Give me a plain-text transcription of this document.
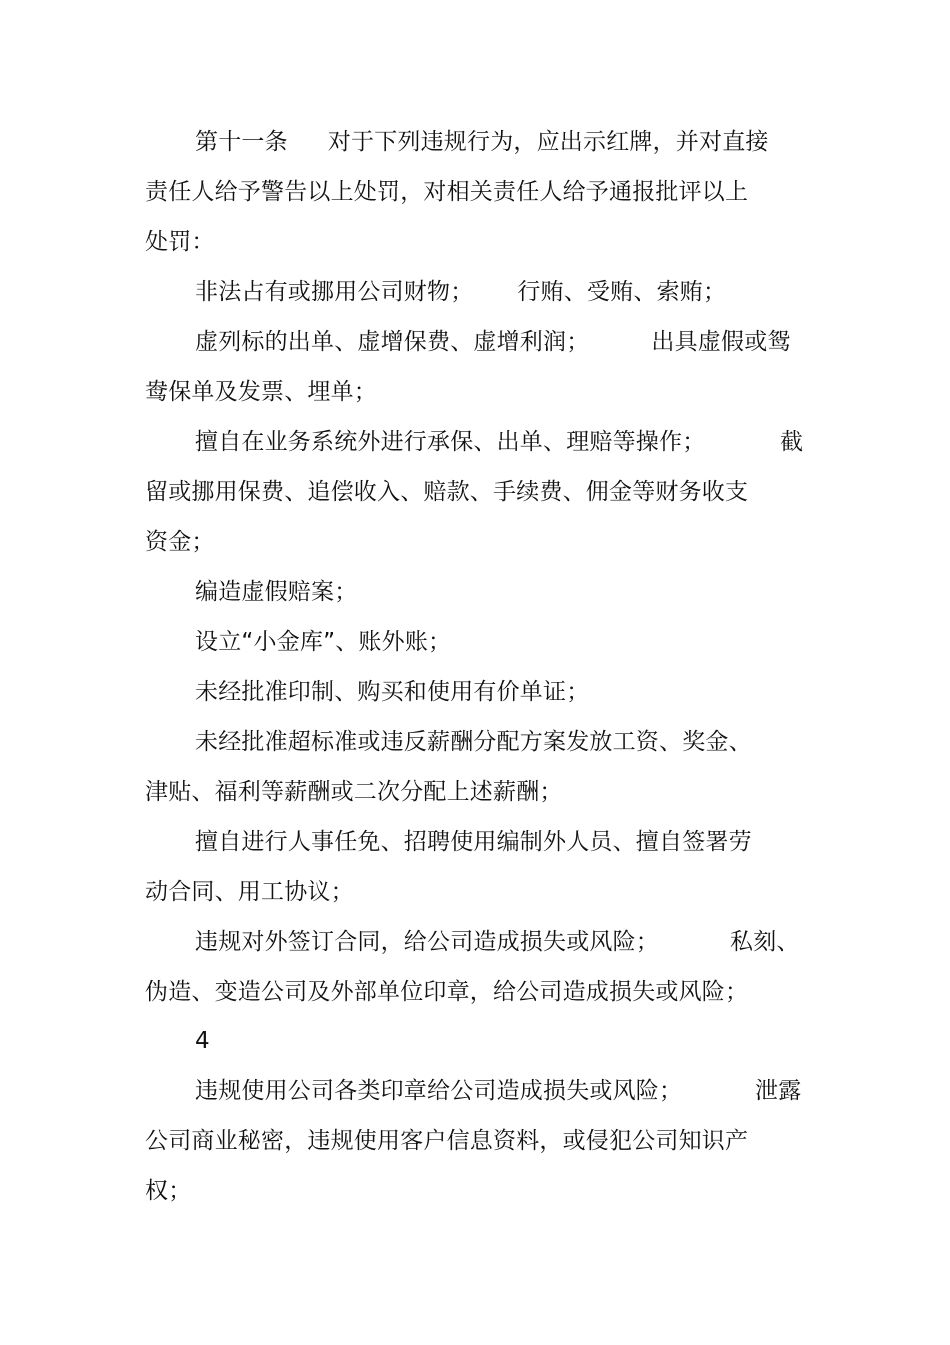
第十一条 对于下列违规行为，应出示红牌，并对直接
责任人给予警告以上处罚，对相关责任人给予通报批评以上
处罚：
非法占有或挪用公司财物； 行贿、受贿、索贿；
虚列标的出单、虚增保费、虚增利润；	出具虚假或鸳
鸯保单及发票、埋单；
擅自在业务系统外进行承保、出单、理赔等操作；	截
留或挪用保费、追偿收入、赔款、手续费、佣金等财务收支
资金；
编造虚假赔案；
设立“小金库”、账外账；
未经批准印制、购买和使用有价单证；
未经批准超标准或违反薪酬分配方案发放工资、奖金、
津贴、福利等薪酬或二次分配上述薪酬；
擅自进行人事任免、招聘使用编制外人员、擅自签署劳
动合同、用工协议；
违规对外签订合同，给公司造成损失或风险；	私刻、
伪造、变造公司及外部单位印章，给公司造成损失或风险；
4
违规使用公司各类印章给公司造成损失或风险；	泄露
公司商业秘密，违规使用客户信息资料，或侵犯公司知识产
权；
